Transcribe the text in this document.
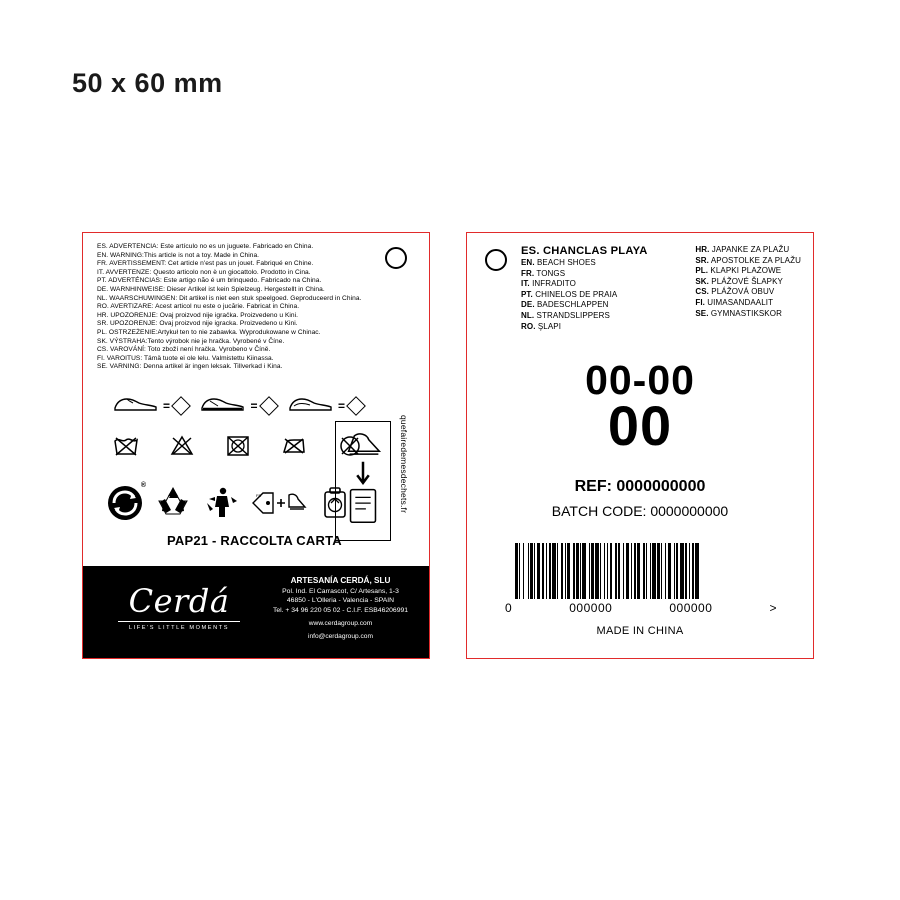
50 x 60 mm
ES. ADVERTENCIA: Este artículo no es un juguete. Fabricado en China.
EN. WARNING:This article is not a toy. Made in China.
FR. AVERTISSEMENT: Cet article n'est pas un jouet. Fabriqué en Chine.
IT. AVVERTENZE: Questo articolo non è un giocattolo. Prodotto in Cina.
PT. ADVERTÉNCIAS: Este artigo não é um brinquedo. Fabricado na China.
DE. WARNHINWEISE: Dieser Artikel ist kein Spielzeug. Hergestellt in China.
NL. WAARSCHUWINGEN: Dit artikel is niet een stuk speelgoed. Geproduceerd in China.
RO. AVERTIZARE: Acest articol nu este o jucărie. Fabricat in China.
HR. UPOZORENJE: Ovaj proizvod nije igračka. Proizvedeno u Kini.
SR. UPOZORENJE: Ovaj proizvod nije igracka. Proizvedeno u Kini.
PL. OSTRZEŻENIE:Artykuł ten to nie zabawka. Wyprodukowane w Chinac.
SK. VÝSTRAHA:Tento výrobok nie je hračka. Vyrobené v Číne.
CS. VAROVÁNÍ: Toto zboží není hračka. Vyrobeno v Číně.
FI. VAROITUS: Tämä tuote ei ole lelu. Valmistettu Kiinassa.
SE. VARNING: Denna artikel är ingen leksak. Tillverkad i Kina.
=	=	=
®
FR
PAP21 - RACCOLTA CARTA
quefairedemesdechets.fr
Cerdá
LIFE'S LITTLE MOMENTS
ARTESANÍA CERDÁ, SLU
Pol. Ind. El Carrascot, C/ Artesans, 1-3
46850 - L'Olleria - Valencia - SPAIN
Tel. + 34 96 220 05 02 - C.I.F. ESB46206991
www.cerdagroup.com
info@cerdagroup.com
ES. CHANCLAS PLAYA
EN. BEACH SHOES
FR. TONGS
IT. INFRADITO
PT. CHINELOS DE PRAIA
DE. BADESCHLAPPEN
NL. STRANDSLIPPERS
RO. ŞLAPI
HR. JAPANKE ZA PLAŽU
SR. APOSTOLKE ZA PLAŽU
PL. KLAPKI PLAŻOWE
SK. PLÁŽOVÉ ŠLAPKY
CS. PLÁŽOVÁ OBUV
FI. UIMASANDAALIT
SE. GYMNASTIKSKOR
00-00
00
REF: 0000000000
BATCH CODE: 0000000000
0	000000	000000	>
MADE IN CHINA
